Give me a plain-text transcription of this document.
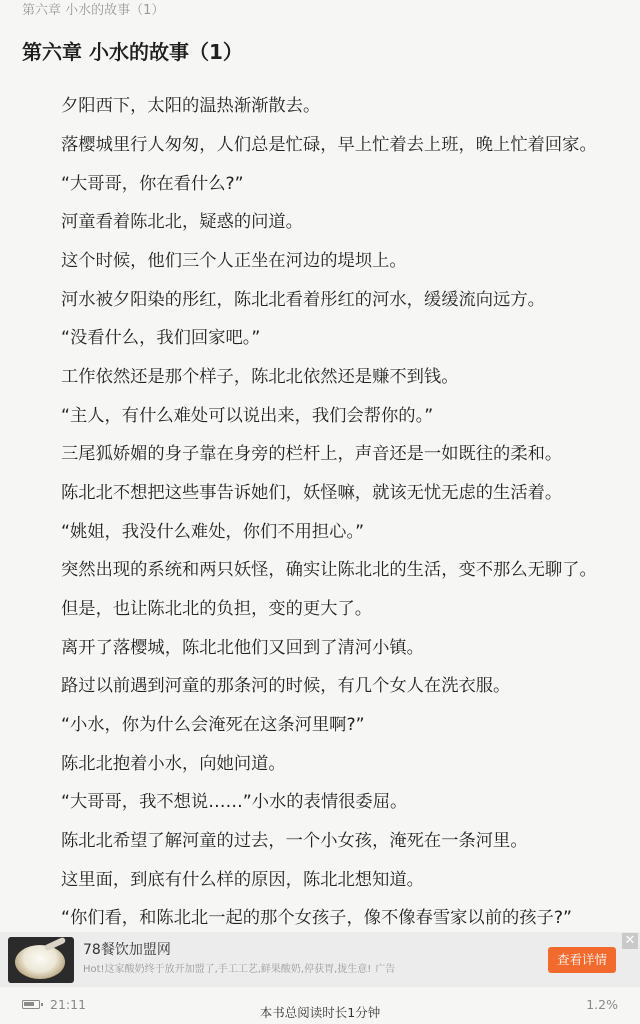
第六章 小水的故事（1）
第六章 小水的故事（1）
夕阳西下，太阳的温热渐渐散去。
落樱城里行人匆匆，人们总是忙碌，早上忙着去上班，晚上忙着回家。
“大哥哥，你在看什么?”
河童看着陈北北，疑惑的问道。
这个时候，他们三个人正坐在河边的堤坝上。
河水被夕阳染的彤红，陈北北看着彤红的河水，缓缓流向远方。
“没看什么，我们回家吧。”
工作依然还是那个样子，陈北北依然还是赚不到钱。
“主人，有什么难处可以说出来，我们会帮你的。”
三尾狐娇媚的身子靠在身旁的栏杆上，声音还是一如既往的柔和。
陈北北不想把这些事告诉她们，妖怪嘛，就该无忧无虑的生活着。
“姚姐，我没什么难处，你们不用担心。”
突然出现的系统和两只妖怪，确实让陈北北的生活，变不那么无聊了。
但是，也让陈北北的负担，变的更大了。
离开了落樱城，陈北北他们又回到了清河小镇。
路过以前遇到河童的那条河的时候，有几个女人在洗衣服。
“小水，你为什么会淹死在这条河里啊?”
陈北北抱着小水，向她问道。
“大哥哥，我不想说……”小水的表情很委屈。
陈北北希望了解河童的过去，一个小女孩，淹死在一条河里。
这里面，到底有什么样的原因，陈北北想知道。
“你们看，和陈北北一起的那个女孩子，像不像春雪家以前的孩子?”
78餐饮加盟网
Hot!这家酸奶终于放开加盟了,手工工艺,鲜果酸奶,停获胃,拢生意! 广告
查看详情
✕
21:11
本书总阅读时长1分钟
1.2%
